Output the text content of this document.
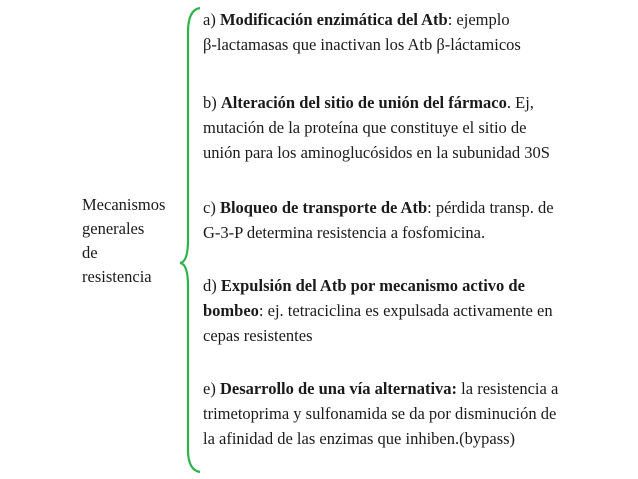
Mecanismos
generales
de
resistencia
a) Modificación enzimática del Atb: ejemplo
β-lactamasas que inactivan los Atb β-láctamicos
b) Alteración del sitio de unión del fármaco. Ej,
mutación de la proteína que constituye el sitio de
unión para los aminoglucósidos en la subunidad 30S
c) Bloqueo de transporte de Atb: pérdida transp. de
G-3-P determina resistencia a fosfomicina.
d) Expulsión del Atb por mecanismo activo de
bombeo: ej. tetraciclina es expulsada activamente en
cepas resistentes
e) Desarrollo de una vía alternativa: la resistencia a
trimetoprima y sulfonamida se da por disminución de
la afinidad de las enzimas que inhiben.(bypass)
